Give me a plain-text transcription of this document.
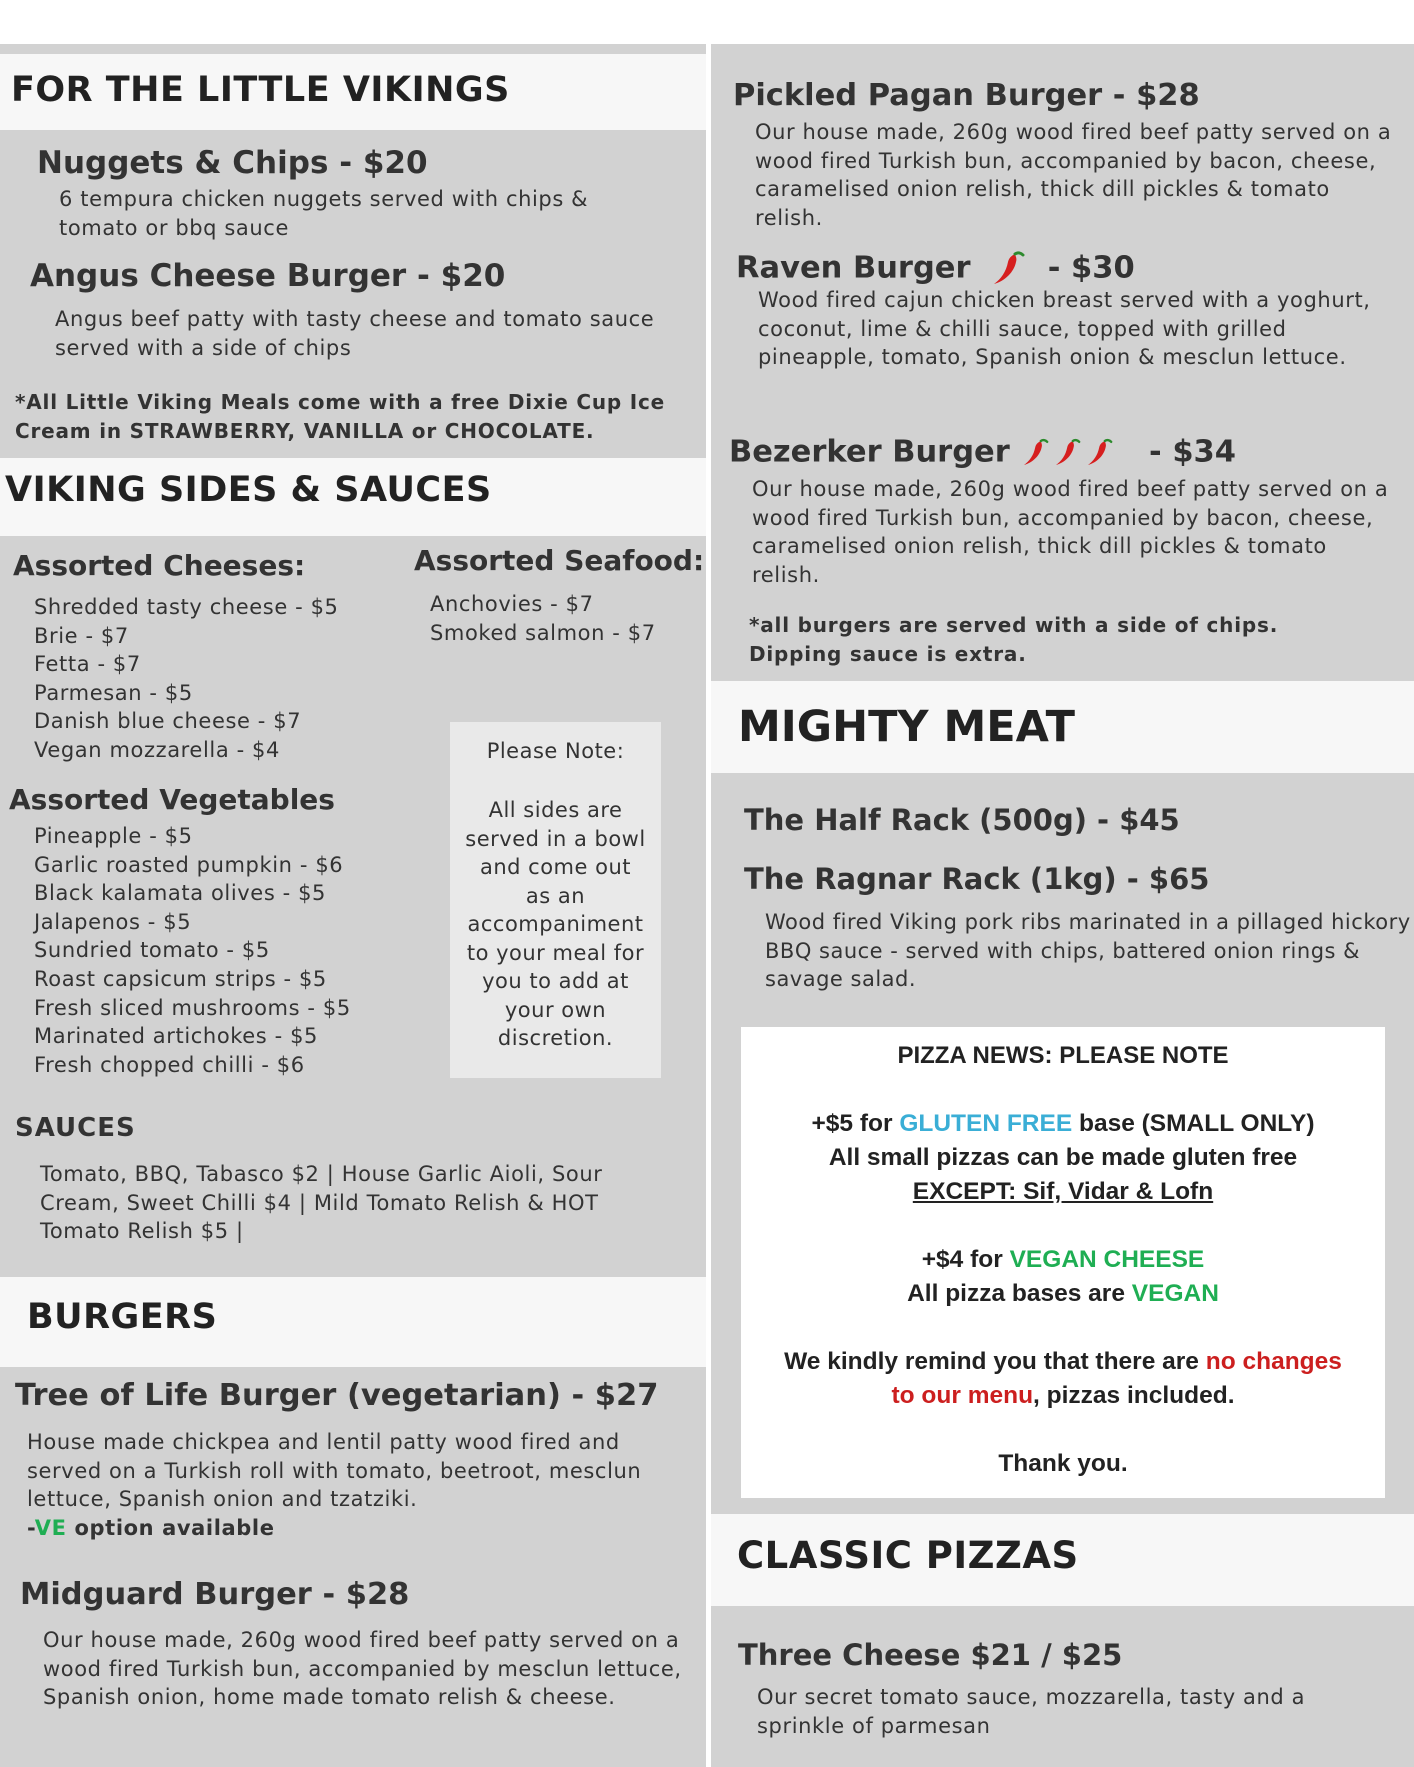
FOR THE LITTLE VIKINGS
Nuggets & Chips - $20
6 tempura chicken nuggets served with chips & tomato or bbq sauce
Angus Cheese Burger - $20
Angus beef patty with tasty cheese and tomato sauce served with a side of chips
*All Little Viking Meals come with a free Dixie Cup Ice Cream in STRAWBERRY, VANILLA or CHOCOLATE.
VIKING SIDES & SAUCES
Assorted Cheeses:
Shredded tasty cheese - $5
Brie - $7
Fetta - $7
Parmesan - $5
Danish blue cheese - $7
Vegan mozzarella - $4
Assorted Seafood:
Anchovies - $7
Smoked salmon - $7
Assorted Vegetables
Pineapple - $5
Garlic roasted pumpkin - $6
Black kalamata olives - $5
Jalapenos - $5
Sundried tomato - $5
Roast capsicum strips - $5
Fresh sliced mushrooms - $5
Marinated artichokes - $5
Fresh chopped chilli - $6
Please Note:
All sides are
served in a bowl
and come out
as an
accompaniment
to your meal for
you to add at
your own
discretion.
SAUCES
Tomato, BBQ, Tabasco $2 | House Garlic Aioli, Sour Cream, Sweet Chilli $4 | Mild Tomato Relish & HOT Tomato Relish $5 |
BURGERS
Tree of Life Burger (vegetarian) - $27
House made chickpea and lentil patty wood fired and served on a Turkish roll with tomato, beetroot, mesclun lettuce, Spanish onion and tzatziki.
-VE option available
Midguard Burger - $28
Our house made, 260g wood fired beef patty served on a wood fired Turkish bun, accompanied by mesclun lettuce, Spanish onion, home made tomato relish & cheese.
Pickled Pagan Burger - $28
Our house made, 260g wood fired beef patty served on a wood fired Turkish bun, accompanied by bacon, cheese, caramelised onion relish, thick dill pickles & tomato relish.
Raven Burger	- $30
Wood fired cajun chicken breast served with a yoghurt, coconut, lime & chilli sauce, topped with grilled pineapple, tomato, Spanish onion & mesclun lettuce.
Bezerker Burger	- $34
Our house made, 260g wood fired beef patty served on a wood fired Turkish bun, accompanied by bacon, cheese, caramelised onion relish, thick dill pickles & tomato relish.
*all burgers are served with a side of chips.
Dipping sauce is extra.
MIGHTY MEAT
The Half Rack (500g) - $45
The Ragnar Rack (1kg) - $65
Wood fired Viking pork ribs marinated in a pillaged hickory BBQ sauce - served with chips, battered onion rings & savage salad.

PIZZA NEWS: PLEASE NOTE

+$5 for GLUTEN FREE base (SMALL ONLY)

All small pizzas can be made gluten free

EXCEPT: Sif, Vidar & Lofn

+$4 for VEGAN CHEESE

All pizza bases are VEGAN

We kindly remind you that there are no changes

to our menu, pizzas included.

Thank you.

CLASSIC PIZZAS
Three Cheese $21 / $25
Our secret tomato sauce, mozzarella, tasty and a sprinkle of parmesan
